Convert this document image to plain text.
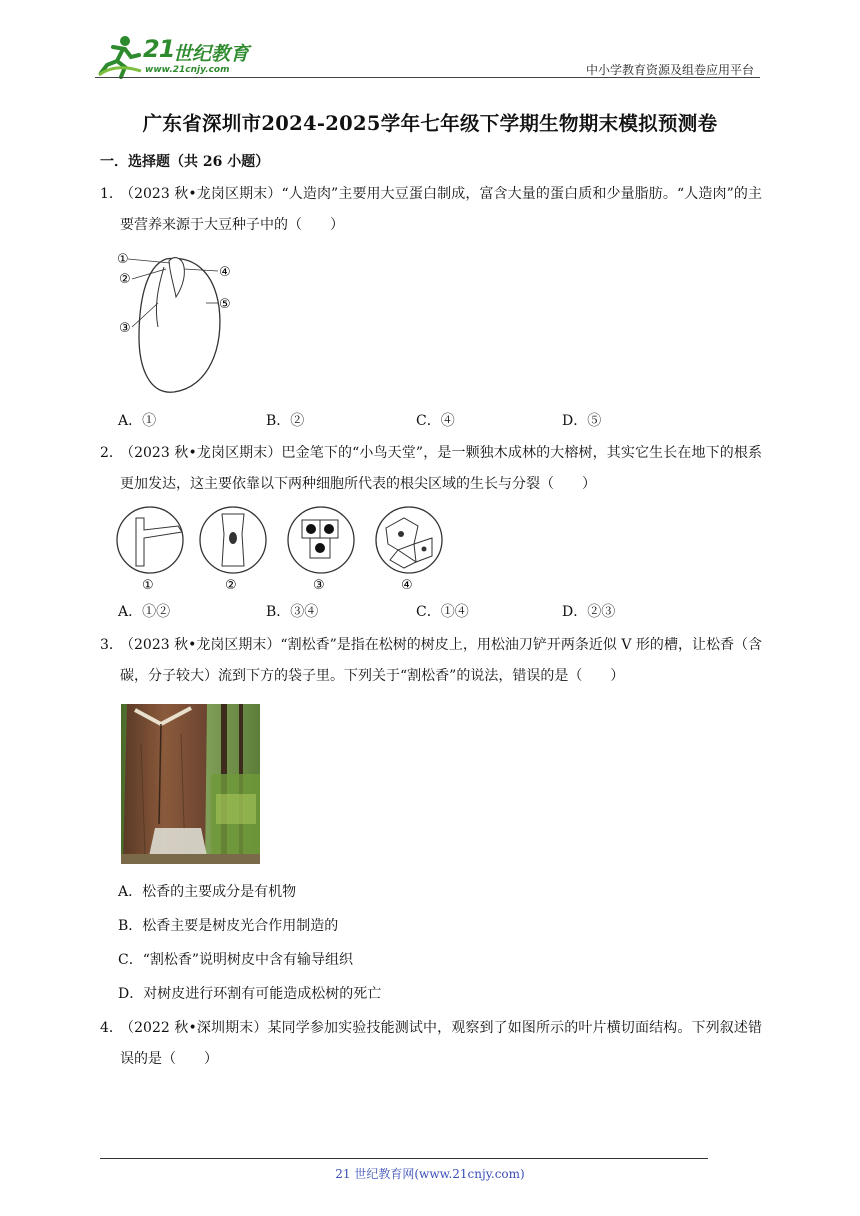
21
世纪教育
www.21cnjy.com	中小学教育资源及组卷应用平台
广东省深圳市2024-2025学年七年级下学期生物期末模拟预测卷
一．选择题（共 26 小题）
1．
（2023 秋•龙岗区期末）“人造肉”主要用大豆蛋白制成，富含大量的蛋白质和少量脂肪。“人造肉”的主要营养来源于大豆种子中的（　　）
①
②
③
④
⑤
A．①	B．②	C．④	D．⑤
2．
（2023 秋•龙岗区期末）巴金笔下的“小鸟天堂”，是一颗独木成林的大榕树，其实它生长在地下的根系更加发达，这主要依靠以下两种细胞所代表的根尖区域的生长与分裂（　　）
①	②	③	④
A．①②	B．③④	C．①④	D．②③
3．
（2023 秋•龙岗区期末）“割松香”是指在松树的树皮上，用松油刀铲开两条近似 V 形的槽，让松香（含碳，分子较大）流到下方的袋子里。下列关于“割松香”的说法，错误的是（　　）
A．松香的主要成分是有机物
B．松香主要是树皮光合作用制造的
C．“割松香”说明树皮中含有输导组织
D．对树皮进行环割有可能造成松树的死亡
4．
（2022 秋•深圳期末）某同学参加实验技能测试中，观察到了如图所示的叶片横切面结构。下列叙述错误的是（　　）
21 世纪教育网(www.21cnjy.com)
